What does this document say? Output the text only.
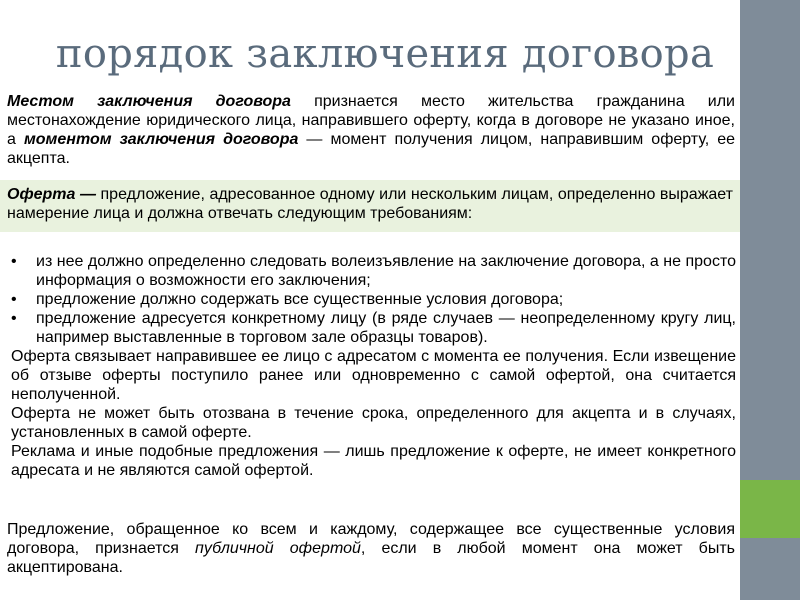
порядок заключения договора

Местом заключения договора признается место жительства гражданина или местонахождение юридического лица, направившего оферту, когда в договоре не указано иное, а моментом заключения договора — момент получения лицом, направившим оферту, ее акцепта.

Оферта — предложение, адресованное одному или нескольким лицам, определенно выражает намерение лица и должна отвечать следующим требованиям:

• из нее должно определенно следовать волеизъявление на заключение договора, а не просто информация о возможности его заключения;
• предложение должно содержать все существенные условия договора;
• предложение адресуется конкретному лицу (в ряде случаев — неопределенному кругу лиц, например выставленные в торговом зале образцы товаров).

Оферта связывает направившее ее лицо с адресатом с момента ее получения. Если извещение об отзыве оферты поступило ранее или одновременно с самой офертой, она считается неполученной.

Оферта не может быть отозвана в течение срока, определенного для акцепта и в случаях, установленных в самой оферте.

Реклама и иные подобные предложения — лишь предложение к оферте, не имеет конкретного адресата и не являются самой офертой.

Предложение, обращенное ко всем и каждому, содержащее все существенные условия договора, признается публичной офертой, если в любой момент она может быть акцептирована.
